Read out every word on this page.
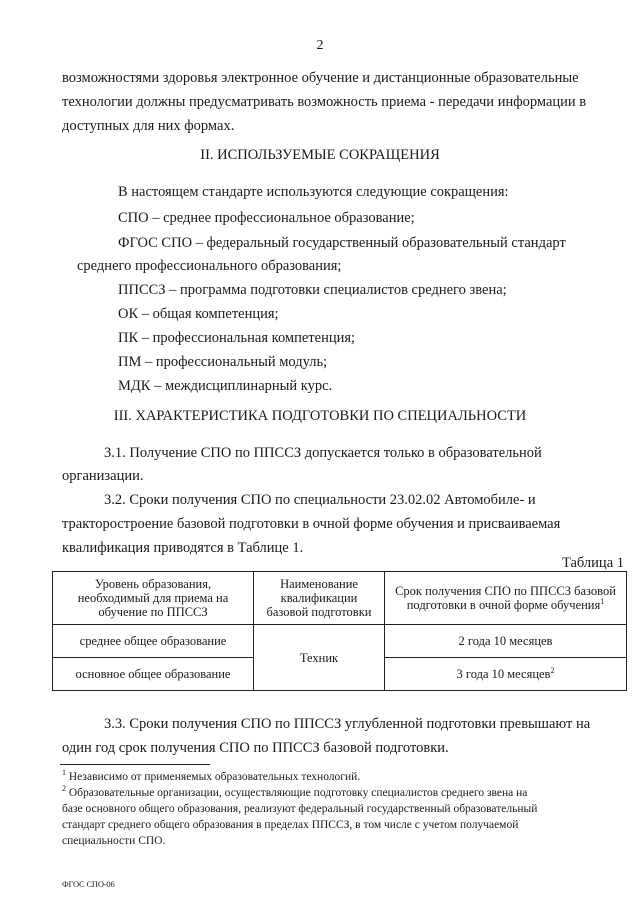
2
возможностями здоровья электронное обучение и дистанционные образовательные
технологии должны предусматривать возможность приема - передачи информации в
доступных для них формах.
II. ИСПОЛЬЗУЕМЫЕ СОКРАЩЕНИЯ
В настоящем стандарте используются следующие сокращения:
СПО – среднее профессиональное образование;
ФГОС СПО – федеральный государственный образовательный стандарт
среднего профессионального образования;
ППССЗ – программа подготовки специалистов среднего звена;
ОК – общая компетенция;
ПК – профессиональная компетенция;
ПМ – профессиональный модуль;
МДК – междисциплинарный курс.
III. ХАРАКТЕРИСТИКА ПОДГОТОВКИ ПО СПЕЦИАЛЬНОСТИ
3.1. Получение СПО по ППССЗ допускается только в образовательной
организации.
3.2. Сроки получения СПО по специальности 23.02.02 Автомобиле- и
тракторостроение базовой подготовки в очной форме обучения и присваиваемая
квалификация приводятся в Таблице 1.
Таблица 1
Уровень образования, необходимый для приема на обучение по ППССЗ	Наименование квалификации базовой подготовки	Срок получения СПО по ППССЗ базовой подготовки в очной форме обучения$^1$
среднее общее образование	Техник	2 года 10 месяцев
основное общее образование		3 года 10 месяцев$^2$
3.3. Сроки получения СПО по ППССЗ углубленной подготовки превышают на
один год срок получения СПО по ППССЗ базовой подготовки.
$^1$ Независимо от применяемых образовательных технологий.
$^2$ Образовательные организации, осуществляющие подготовку специалистов среднего звена на
базе основного общего образования, реализуют федеральный государственный образовательный
стандарт среднего общего образования в пределах ППССЗ, в том числе с учетом получаемой
специальности СПО.
ФГОС СПО-06
